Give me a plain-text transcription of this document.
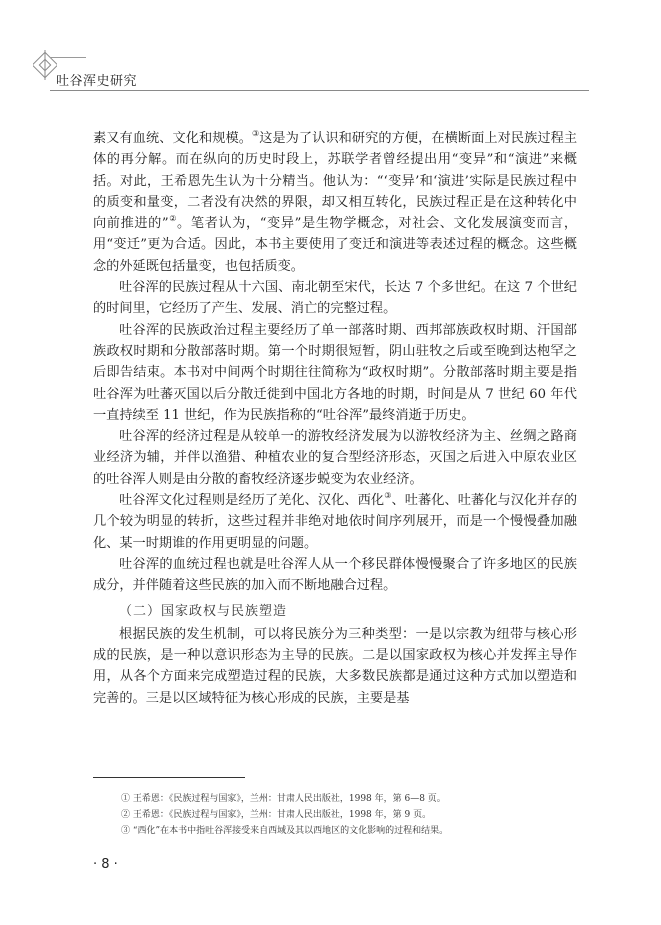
吐谷浑史研究

素又有血统、文化和规模。③这是为了认识和研究的方便，在横断面上对民族过程主体的再分解。而在纵向的历史时段上，苏联学者曾经提出用“变异”和“演进”来概括。对此，王希恩先生认为十分精当。他认为：“‘变异’和‘演进’实际是民族过程中的质变和量变，二者没有决然的界限，却又相互转化，民族过程正是在这种转化中向前推进的”②。笔者认为，“变异”是生物学概念，对社会、文化发展演变而言，用“变迁”更为合适。因此，本书主要使用了变迁和演进等表述过程的概念。这些概念的外延既包括量变，也包括质变。

吐谷浑的民族过程从十六国、南北朝至宋代，长达 7 个多世纪。在这 7 个世纪的时间里，它经历了产生、发展、消亡的完整过程。

吐谷浑的民族政治过程主要经历了单一部落时期、西邦部族政权时期、汗国部族政权时期和分散部落时期。第一个时期很短暂，阴山驻牧之后或至晚到达枹罕之后即告结束。本书对中间两个时期往往简称为“政权时期”。分散部落时期主要是指吐谷浑为吐蕃灭国以后分散迁徙到中国北方各地的时期，时间是从 7 世纪 60 年代一直持续至 11 世纪，作为民族指称的“吐谷浑”最终消逝于历史。

吐谷浑的经济过程是从较单一的游牧经济发展为以游牧经济为主、丝绸之路商业经济为辅，并伴以渔猎、种植农业的复合型经济形态，灭国之后进入中原农业区的吐谷浑人则是由分散的畜牧经济逐步蜕变为农业经济。

吐谷浑文化过程则是经历了羌化、汉化、西化③、吐蕃化、吐蕃化与汉化并存的几个较为明显的转折，这些过程并非绝对地依时间序列展开，而是一个慢慢叠加融化、某一时期谁的作用更明显的问题。

吐谷浑的血统过程也就是吐谷浑人从一个移民群体慢慢聚合了许多地区的民族成分，并伴随着这些民族的加入而不断地融合过程。

（二）国家政权与民族塑造

根据民族的发生机制，可以将民族分为三种类型：一是以宗教为纽带与核心形成的民族，是一种以意识形态为主导的民族。二是以国家政权为核心并发挥主导作用，从各个方面来完成塑造过程的民族，大多数民族都是通过这种方式加以塑造和完善的。三是以区域特征为核心形成的民族，主要是基

① 王希恩：《民族过程与国家》，兰州：甘肃人民出版社，1998 年，第 6—8 页。
② 王希恩：《民族过程与国家》，兰州：甘肃人民出版社，1998 年，第 9 页。
③ “西化”在本书中指吐谷浑接受来自西域及其以西地区的文化影响的过程和结果。
· 8 ·
